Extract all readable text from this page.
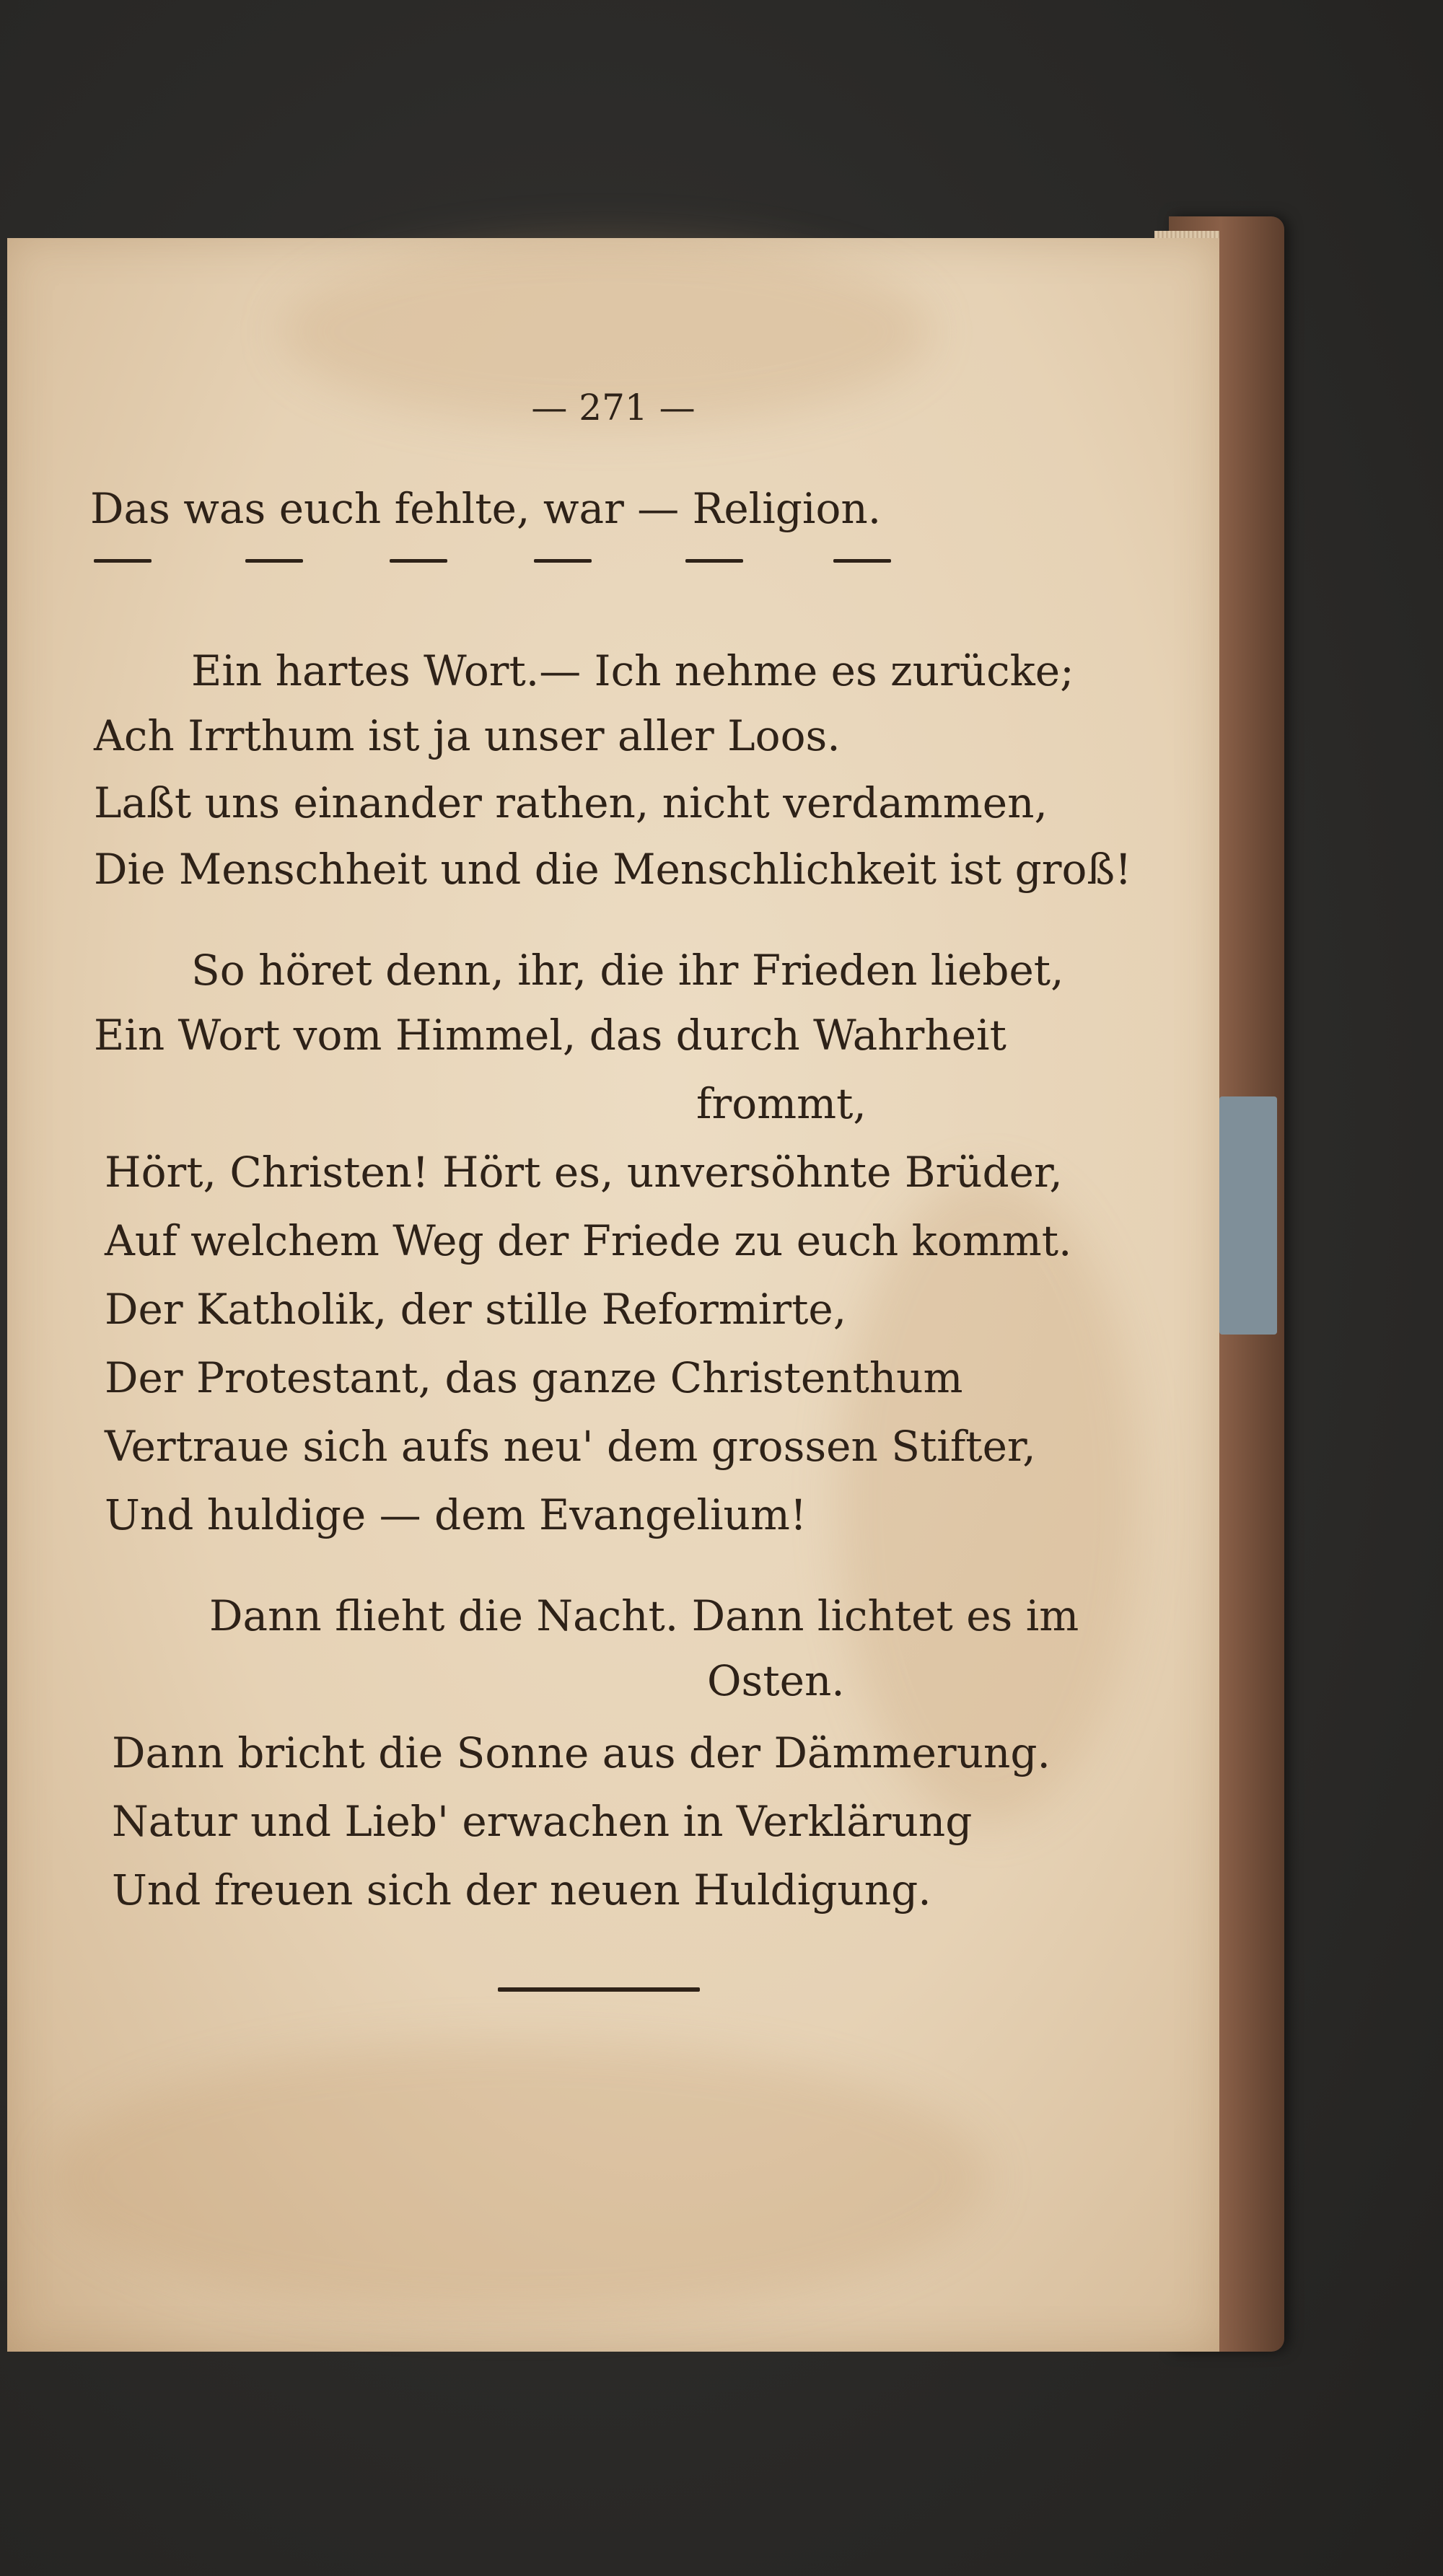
— 271 —

Das was euch fehlte, war — Religion.

Ein hartes Wort.— Ich nehme es zurücke;

Ach Irrthum ist ja unser aller Loos.

Laßt uns einander rathen, nicht verdammen,

Die Menschheit und die Menschlichkeit ist groß!

So höret denn, ihr, die ihr Frieden liebet,

Ein Wort vom Himmel, das durch Wahrheit

frommt,

Hört, Christen! Hört es, unversöhnte Brüder,

Auf welchem Weg der Friede zu euch kommt.

Der Katholik, der stille Reformirte,

Der Protestant, das ganze Christenthum

Vertraue sich aufs neu' dem grossen Stifter,

Und huldige — dem Evangelium!

Dann flieht die Nacht. Dann lichtet es im

Osten.

Dann bricht die Sonne aus der Dämmerung.

Natur und Lieb' erwachen in Verklärung

Und freuen sich der neuen Huldigung.
